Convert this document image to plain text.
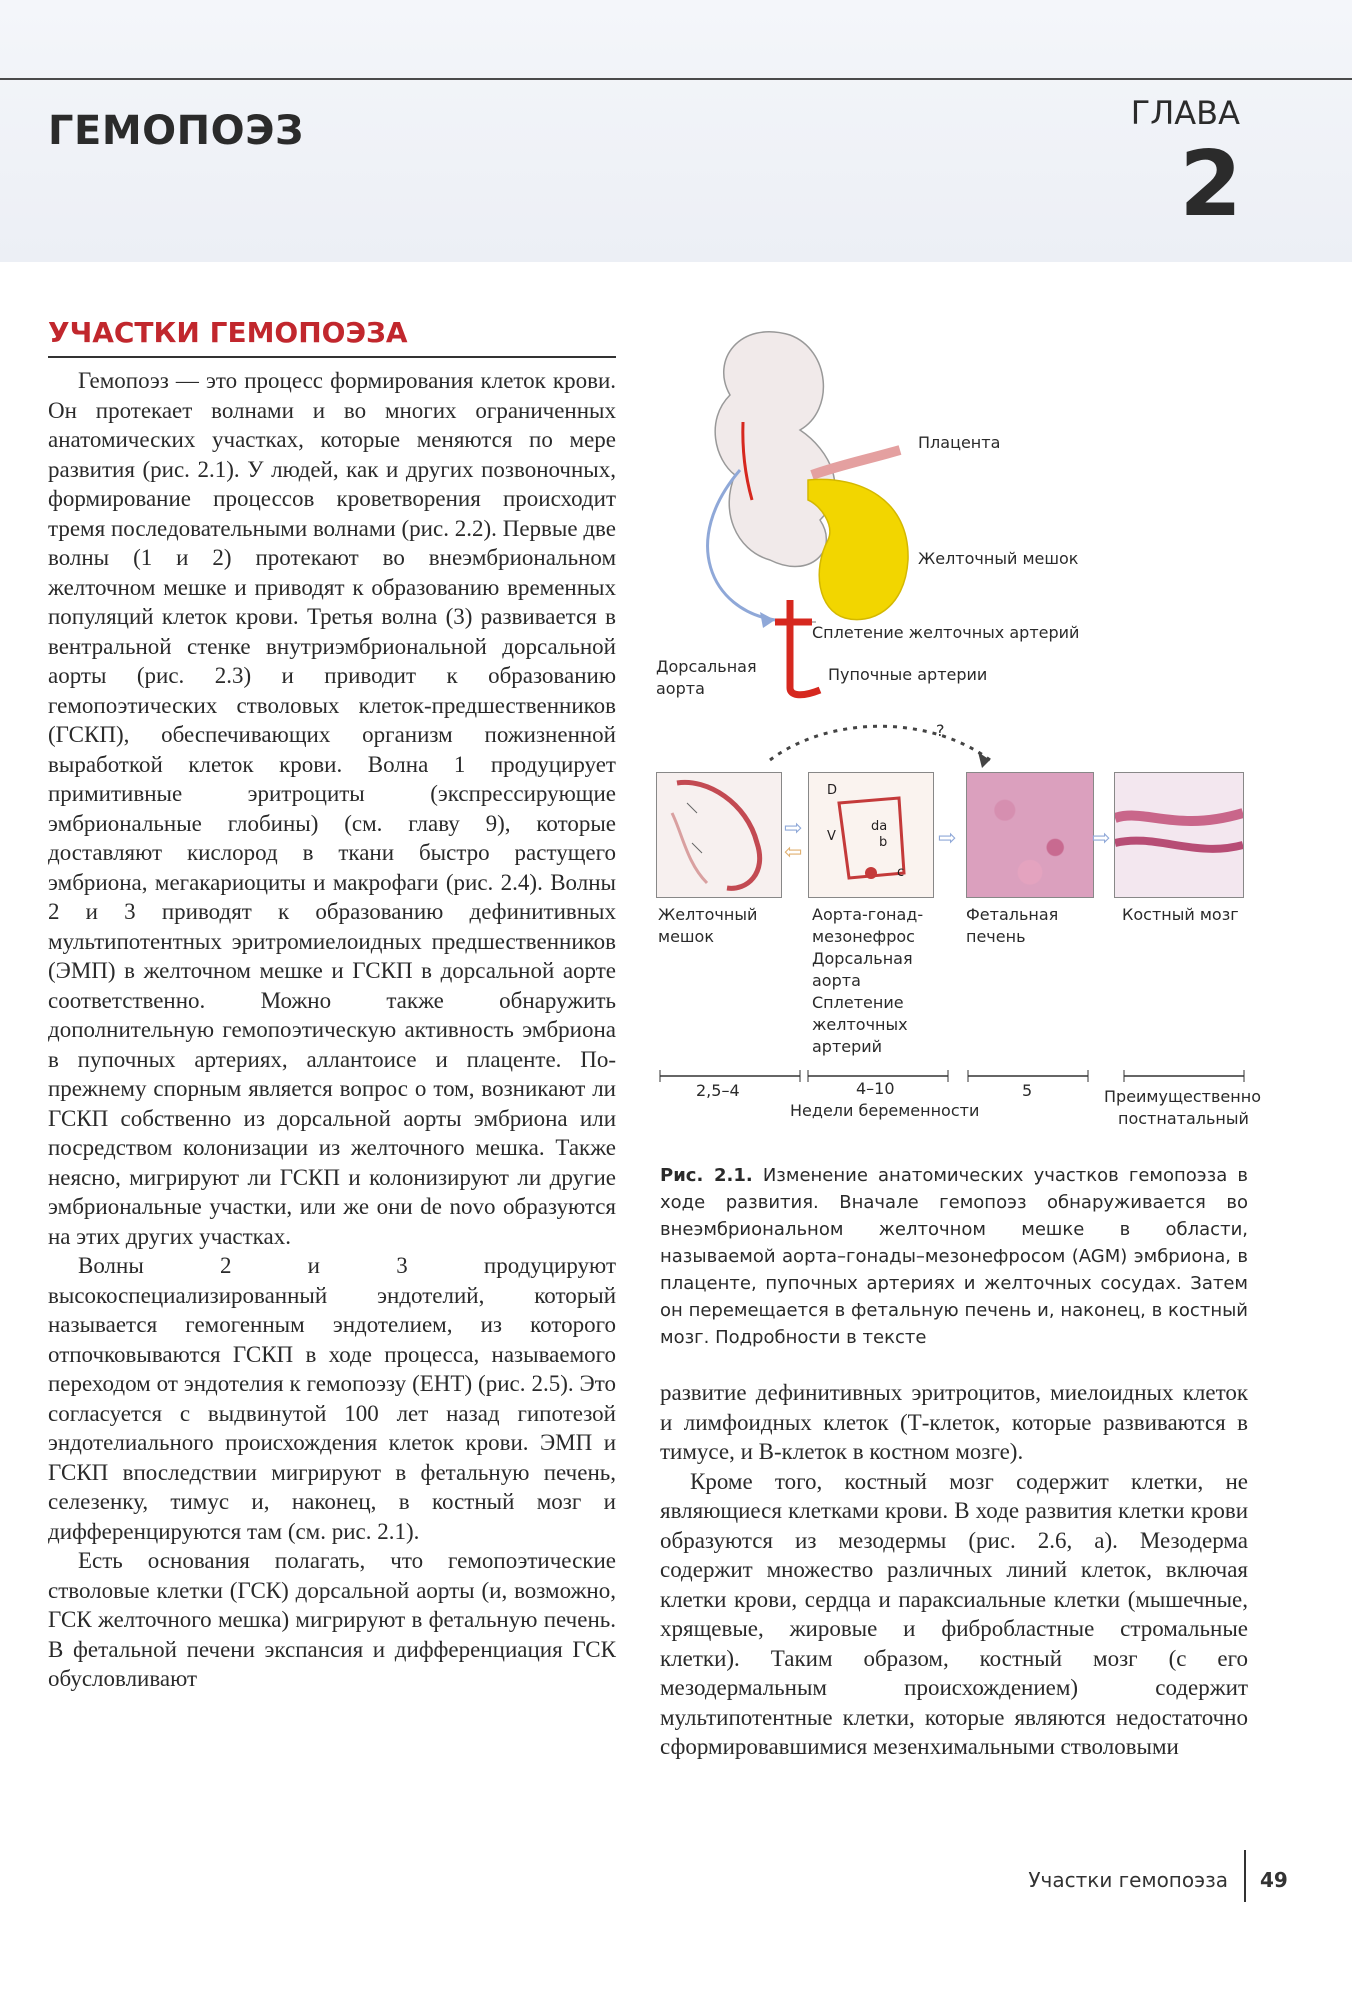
ГЕМОПОЭЗ	ГЛАВА
2
УЧАСТКИ ГЕМОПОЭЗА

Гемопоэз — это процесс формирования клеток крови. Он протекает волнами и во многих ограниченных анатомических участках, которые меняются по мере развития (рис. 2.1). У людей, как и других позвоночных, формирование процессов кроветворения происходит тремя последовательными волнами (рис. 2.2). Первые две волны (1 и 2) протекают во внеэмбриональном желточном мешке и приводят к образованию временных популяций клеток крови. Третья волна (3) развивается в вентральной стенке внутриэмбриональной дорсальной аорты (рис. 2.3) и приводит к образованию гемопоэтических стволовых клеток-предшественников (ГСКП), обеспечивающих организм пожизненной выработкой клеток крови. Волна 1 продуцирует примитивные эритроциты (экспрессирующие эмбриональные глобины) (см. главу 9), которые доставляют кислород в ткани быстро растущего эмбриона, мегакариоциты и макрофаги (рис. 2.4). Волны 2 и 3 приводят к образованию дефинитивных мультипотентных эритромиелоидных предшественников (ЭМП) в желточном мешке и ГСКП в дорсальной аорте соответственно. Можно также обнаружить дополнительную гемопоэтическую активность эмбриона в пупочных артериях, аллантоисе и плаценте. По-прежнему спорным является вопрос о том, возникают ли ГСКП собственно из дорсальной аорты эмбриона или посредством колонизации из желточного мешка. Также неясно, мигрируют ли ГСКП и колонизируют ли другие эмбриональные участки, или же они de novo образуются на этих других участках.

Волны 2 и 3 продуцируют высокоспециализированный эндотелий, который называется гемогенным эндотелием, из которого отпочковываются ГСКП в ходе процесса, называемого переходом от эндотелия к гемопоэзу (ЕНТ) (рис. 2.5). Это согласуется с выдвинутой 100 лет назад гипотезой эндотелиального происхождения клеток крови. ЭМП и ГСКП впоследствии мигрируют в фетальную печень, селезенку, тимус и, наконец, в костный мозг и дифференцируются там (см. рис. 2.1).

Есть основания полагать, что гемопоэтические стволовые клетки (ГСК) дорсальной аорты (и, возможно, ГСК желточного мешка) мигрируют в фетальную печень. В фетальной печени экспансия и дифференциация ГСК обусловливают

Плацента
Желточный мешок
Сплетение желточных артерий
Пупочные артерии
Дорсальная
аорта
?
D
V
da
b
c
⇨
⇦
⇨	⇨
Желточный
мешок
Аорта-гонад-
мезонефрос
Дорсальная
аорта
Сплетение
желточных
артерий
Фетальная
печень
Костный мозг
2,5–4	4–10	5	Преимущественно
постнатальный
Недели беременности
Рис. 2.1. Изменение анатомических участков гемопоэза в ходе развития. Вначале гемопоэз обнаруживается во внеэмбриональном желточном мешке в области, называемой аорта–гонады–мезонефросом (AGM) эмбриона, в плаценте, пупочных артериях и желточных сосудах. Затем он перемещается в фетальную печень и, наконец, в костный мозг. Подробности в тексте

развитие дефинитивных эритроцитов, миелоидных клеток и лимфоидных клеток (Т-клеток, которые развиваются в тимусе, и В-клеток в костном мозге).

Кроме того, костный мозг содержит клетки, не являющиеся клетками крови. В ходе развития клетки крови образуются из мезодермы (рис. 2.6, а). Мезодерма содержит множество различных линий клеток, включая клетки крови, сердца и параксиальные клетки (мышечные, хрящевые, жировые и фибробластные стромальные клетки). Таким образом, костный мозг (с его мезодермальным происхождением) содержит мультипотентные клетки, которые являются недостаточно сформировавшимися мезенхимальными стволовыми

Участки гемопоэза 49
